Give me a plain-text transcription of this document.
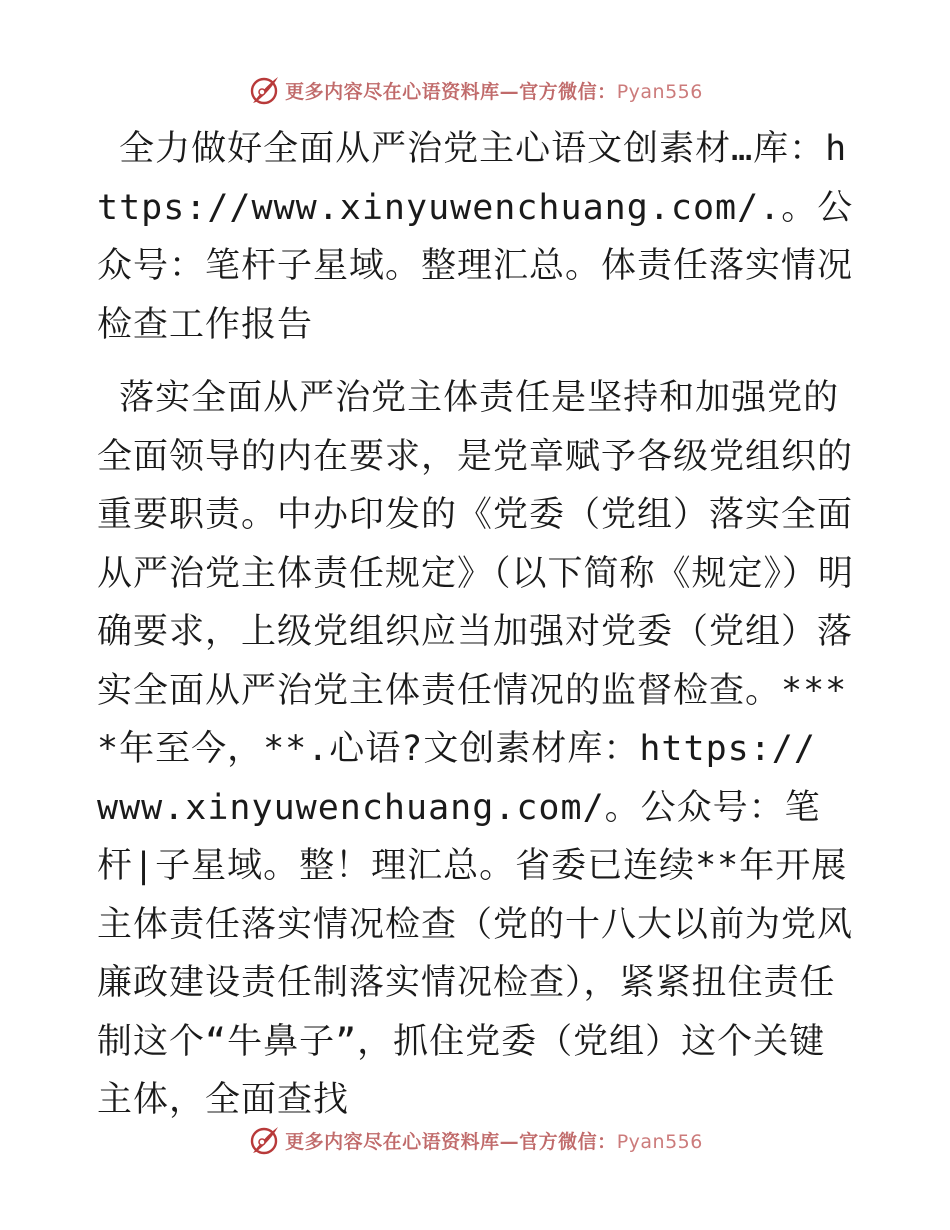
更多内容尽在心语资料库—官方微信：Pyan556

全力做好全面从严治党主心语文创素材…库：https://www.xinyuwenchuang.com/.。公众号：笔杆子星域。整理汇总。体责任落实情况检查工作报告

落实全面从严治党主体责任是坚持和加强党的全面领导的内在要求，是党章赋予各级党组织的重要职责。中办印发的《党委（党组）落实全面从严治党主体责任规定》（以下简称《规定》）明确要求，上级党组织应当加强对党委（党组）落实全面从严治党主体责任情况的监督检查。****年至今，**.心语?文创素材库：https://
www.xinyuwenchuang.com/。公众号：笔杆|子星域。整！理汇总。省委已连续**年开展主体责任落实情况检查（党的十八大以前为党风廉政建设责任制落实情况检查），紧紧扭住责任制这个“牛鼻子”，抓住党委（党组）这个关键主体，全面查找

更多内容尽在心语资料库—官方微信：Pyan556
